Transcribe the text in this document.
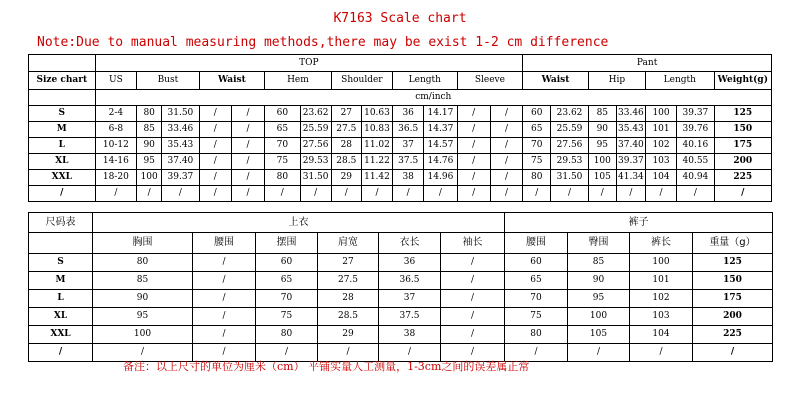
K7163 Scale chart
Note:Due to manual measuring methods,there may be exist 1-2 cm difference
	TOP													Pant						
Size chart	US	Bust		Waist		Hem		Shoulder		Length		Sleeve		Waist		Hip		Length		Weight(g)
	cm/inch																			
S	2-4	80	31.50	/	/	60	23.62	27	10.63	36	14.17	/	/	60	23.62	85	33.46	100	39.37	125
M	6-8	85	33.46	/	/	65	25.59	27.5	10.83	36.5	14.37	/	/	65	25.59	90	35.43	101	39.76	150
L	10-12	90	35.43	/	/	70	27.56	28	11.02	37	14.57	/	/	70	27.56	95	37.40	102	40.16	175
XL	14-16	95	37.40	/	/	75	29.53	28.5	11.22	37.5	14.76	/	/	75	29.53	100	39.37	103	40.55	200
XXL	18-20	100	39.37	/	/	80	31.50	29	11.42	38	14.96	/	/	80	31.50	105	41.34	104	40.94	225
/	/	/	/	/	/	/	/	/	/	/	/	/	/	/	/	/	/	/	/	/
尺码表	上衣						裤子			
	胸围	腰围	摆围	肩宽	衣长	袖长	腰围	臀围	裤长	重量（g）
S	80	/	60	27	36	/	60	85	100	125
M	85	/	65	27.5	36.5	/	65	90	101	150
L	90	/	70	28	37	/	70	95	102	175
XL	95	/	75	28.5	37.5	/	75	100	103	200
XXL	100	/	80	29	38	/	80	105	104	225
/	/	/	/	/	/	/	/	/	/	/
备注：以上尺寸的单位为厘米（cm） 平铺实量人工测量，1-3cm之间的误差属正常
